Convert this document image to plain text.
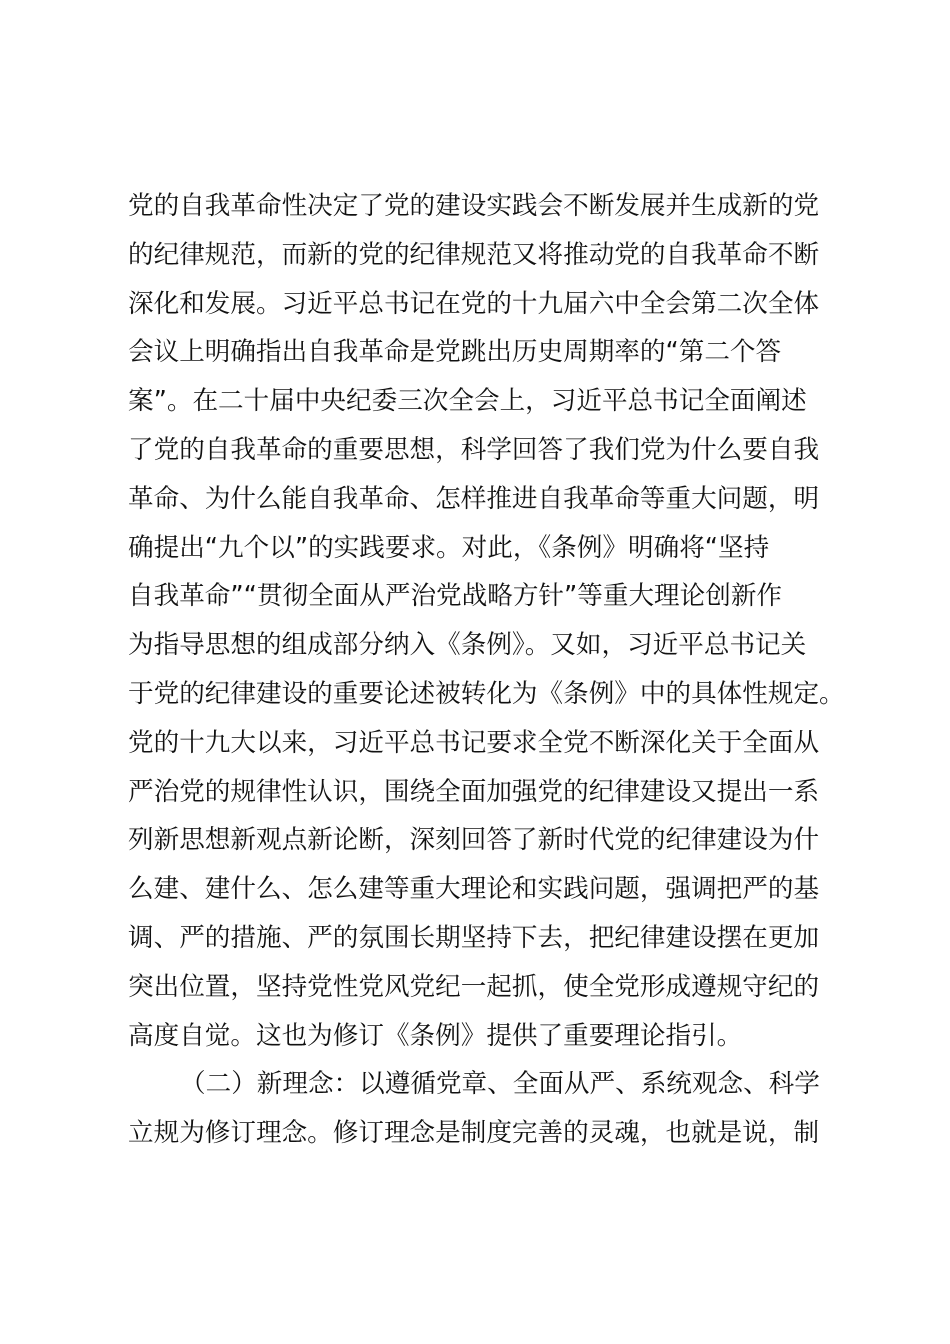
党的自我革命性决定了党的建设实践会不断发展并生成新的党
的纪律规范，而新的党的纪律规范又将推动党的自我革命不断
深化和发展。习近平总书记在党的十九届六中全会第二次全体
会议上明确指出自我革命是党跳出历史周期率的“第二个答
案”。在二十届中央纪委三次全会上，习近平总书记全面阐述
了党的自我革命的重要思想，科学回答了我们党为什么要自我
革命、为什么能自我革命、怎样推进自我革命等重大问题，明
确提出“九个以”的实践要求。对此，《条例》明确将“坚持
自我革命”“贯彻全面从严治党战略方针”等重大理论创新作
为指导思想的组成部分纳入《条例》。又如，习近平总书记关
于党的纪律建设的重要论述被转化为《条例》中的具体性规定。
党的十九大以来，习近平总书记要求全党不断深化关于全面从
严治党的规律性认识，围绕全面加强党的纪律建设又提出一系
列新思想新观点新论断，深刻回答了新时代党的纪律建设为什
么建、建什么、怎么建等重大理论和实践问题，强调把严的基
调、严的措施、严的氛围长期坚持下去，把纪律建设摆在更加
突出位置，坚持党性党风党纪一起抓，使全党形成遵规守纪的
高度自觉。这也为修订《条例》提供了重要理论指引。
（二）新理念：以遵循党章、全面从严、系统观念、科学
立规为修订理念。修订理念是制度完善的灵魂，也就是说，制
